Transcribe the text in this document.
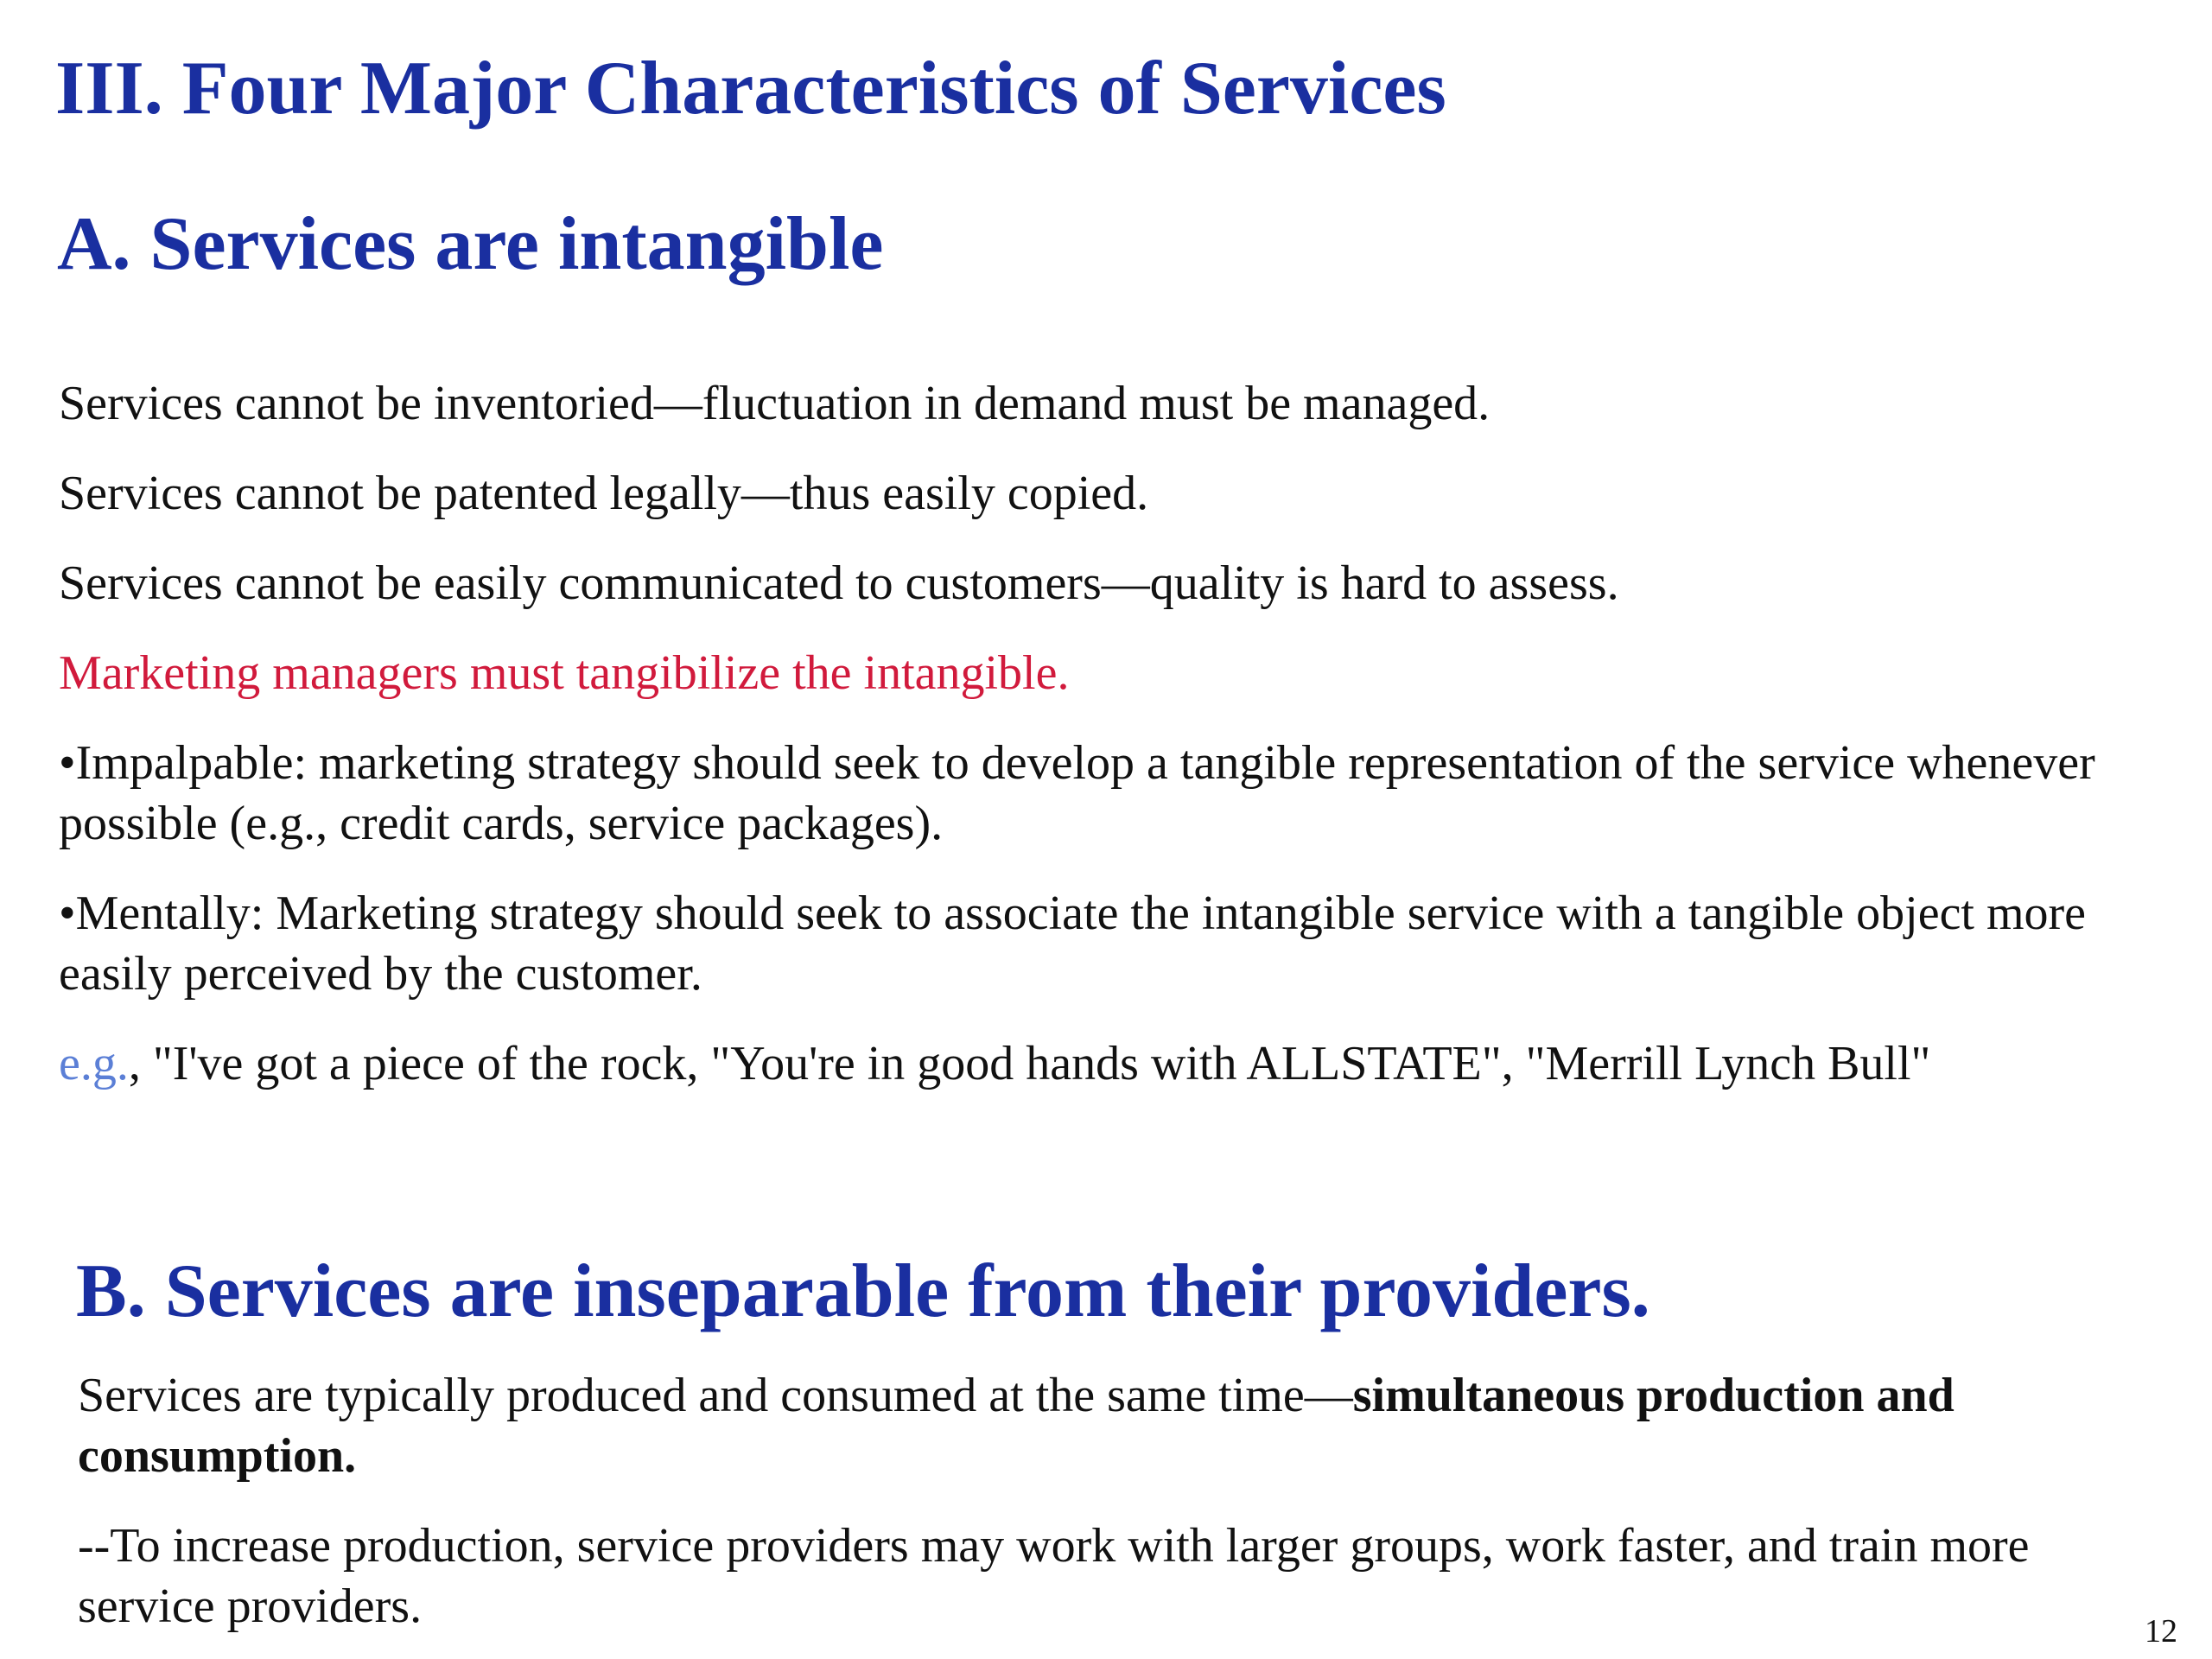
III. Four Major Characteristics of Services
A. Services are intangible

Services cannot be inventoried—fluctuation in demand must be managed.

Services cannot be patented legally—thus easily copied.

Services cannot be easily communicated to customers—quality is hard to assess.

Marketing managers must tangibilize the intangible.

•Impalpable: marketing strategy should seek to develop a tangible representation of the service whenever possible (e.g., credit cards, service packages).

•Mentally: Marketing strategy should seek to associate the intangible service with a tangible object more easily perceived by the customer.

e.g., "I've got a piece of the rock, "You're in good hands with ALLSTATE", "Merrill Lynch Bull"

B. Services are inseparable from their providers.

Services are typically produced and consumed at the same time—simultaneous production and consumption.

--To increase production, service providers may work with larger groups, work faster, and train more service providers.	12
